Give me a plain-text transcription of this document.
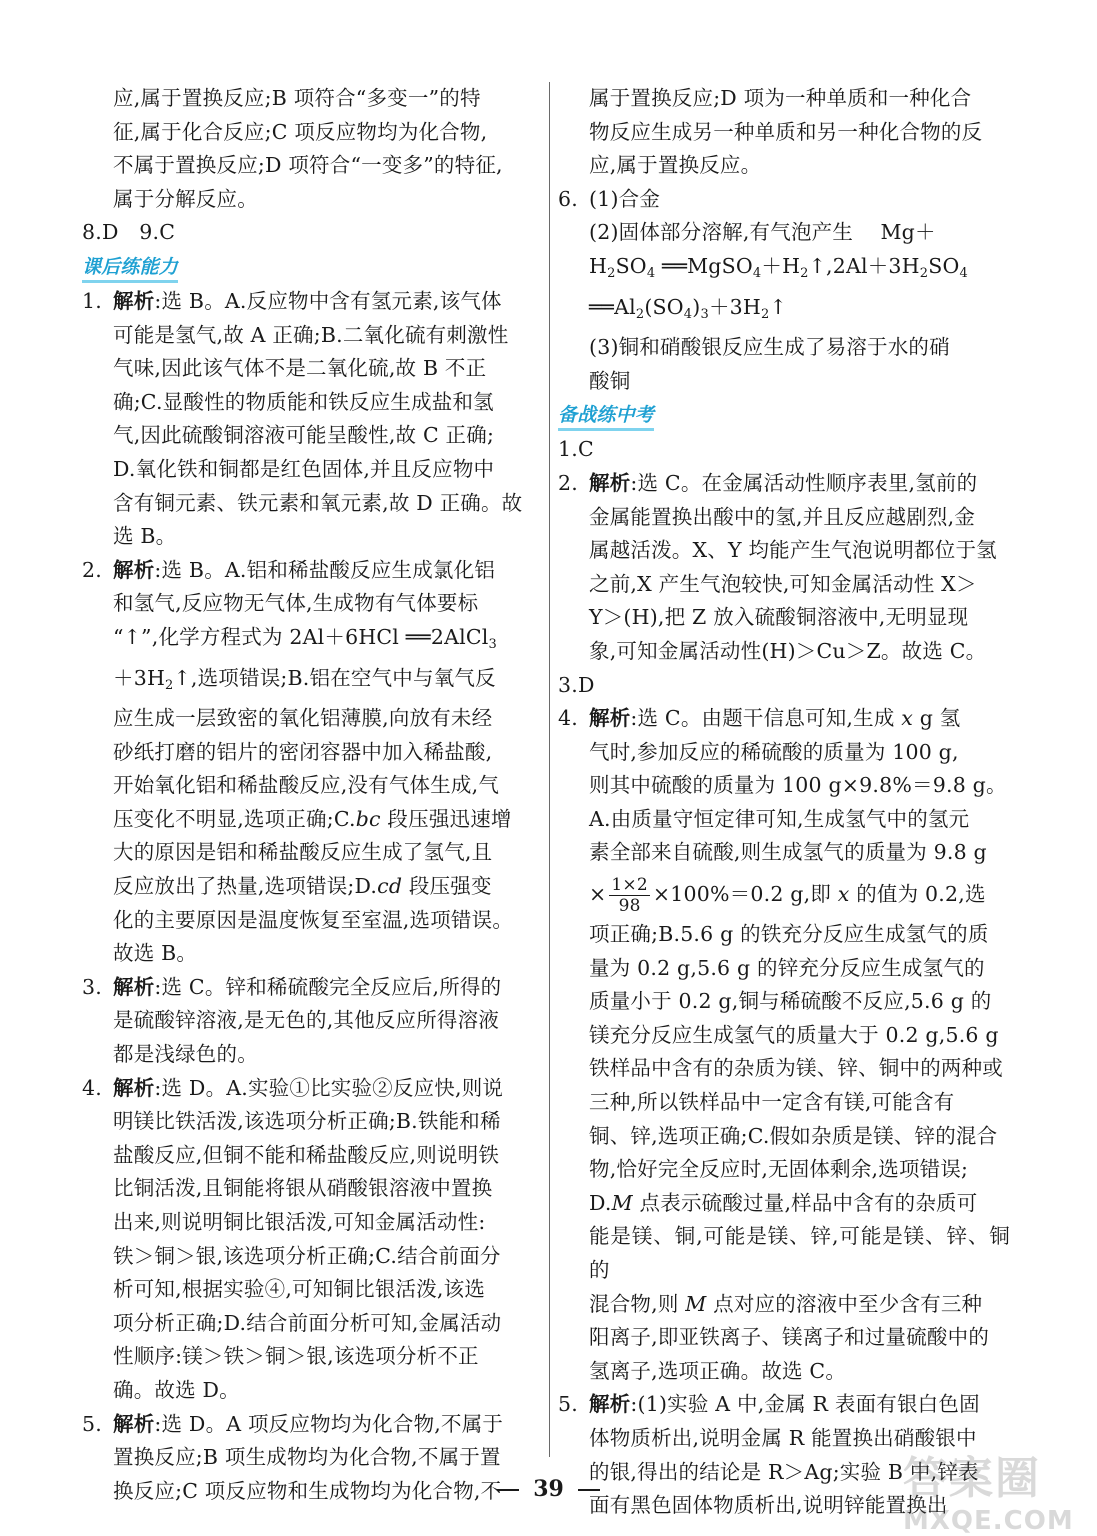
应,属于置换反应;B 项符合“多变一”的特
征,属于化合反应;C 项反应物均为化合物,
不属于置换反应;D 项符合“一变多”的特征,
属于分解反应。
8.D　9.C
课后练能力
1. 解析:选 B。A.反应物中含有氢元素,该气体
可能是氢气,故 A 正确;B.二氧化硫有刺激性
气味,因此该气体不是二氧化硫,故 B 不正
确;C.显酸性的物质能和铁反应生成盐和氢
气,因此硫酸铜溶液可能呈酸性,故 C 正确;
D.氧化铁和铜都是红色固体,并且反应物中
含有铜元素、铁元素和氧元素,故 D 正确。故
选 B。
2. 解析:选 B。A.铝和稀盐酸反应生成氯化铝
和氢气,反应物无气体,生成物有气体要标
“↑”,化学方程式为 2Al＋6HCl ══2AlCl$_3$
$+3H_2↑$,选项错误;B.铝在空气中与氧气反
应生成一层致密的氧化铝薄膜,向放有未经
砂纸打磨的铝片的密闭容器中加入稀盐酸,
开始氧化铝和稀盐酸反应,没有气体生成,气
压变化不明显,选项正确;C.bc 段压强迅速增
大的原因是铝和稀盐酸反应生成了氢气,且
反应放出了热量,选项错误;D.cd 段压强变
化的主要原因是温度恢复至室温,选项错误。
故选 B。
3. 解析:选 C。锌和稀硫酸完全反应后,所得的
是硫酸锌溶液,是无色的,其他反应所得溶液
都是浅绿色的。
4. 解析:选 D。A.实验①比实验②反应快,则说
明镁比铁活泼,该选项分析正确;B.铁能和稀
盐酸反应,但铜不能和稀盐酸反应,则说明铁
比铜活泼,且铜能将银从硝酸银溶液中置换
出来,则说明铜比银活泼,可知金属活动性:
铁＞铜＞银,该选项分析正确;C.结合前面分
析可知,根据实验④,可知铜比银活泼,该选
项分析正确;D.结合前面分析可知,金属活动
性顺序:镁＞铁＞铜＞银,该选项分析不正
确。故选 D。
5. 解析:选 D。A 项反应物均为化合物,不属于
置换反应;B 项生成物均为化合物,不属于置
换反应;C 项反应物和生成物均为化合物,不
属于置换反应;D 项为一种单质和一种化合
物反应生成另一种单质和另一种化合物的反
应,属于置换反应。
6. (1)合金
(2)固体部分溶解,有气泡产生　 Mg＋
$H_2SO_4$ $══MgSO_4+H_2↑,2Al+3H_2SO_4$
$══Al_2(SO_4)_3+3H_2↑$
(3)铜和硝酸银反应生成了易溶于水的硝
酸铜
备战练中考
1.C
2. 解析:选 C。在金属活动性顺序表里,氢前的
金属能置换出酸中的氢,并且反应越剧烈,金
属越活泼。X、Y 均能产生气泡说明都位于氢
之前,X 产生气泡较快,可知金属活动性 X＞
Y＞(H),把 Z 放入硫酸铜溶液中,无明显现
象,可知金属活动性(H)＞Cu＞Z。故选 C。
3.D
4. 解析:选 C。由题干信息可知,生成 x g 氢
气时,参加反应的稀硫酸的质量为 100 g,
则其中硫酸的质量为 100 g×9.8%＝9.8 g。
A.由质量守恒定律可知,生成氢气中的氢元
素全部来自硫酸,则生成氢气的质量为 9.8 g
× $\frac{1\times 2}{98} \times 100\%=0.2$ g,即 x 的值为 0.2,选
项正确;B.5.6 g 的铁充分反应生成氢气的质
量为 0.2 g,5.6 g 的锌充分反应生成氢气的
质量小于 0.2 g,铜与稀硫酸不反应,5.6 g 的
镁充分反应生成氢气的质量大于 0.2 g,5.6 g
铁样品中含有的杂质为镁、锌、铜中的两种或
三种,所以铁样品中一定含有镁,可能含有
铜、锌,选项正确;C.假如杂质是镁、锌的混合
物,恰好完全反应时,无固体剩余,选项错误;
D.M 点表示硫酸过量,样品中含有的杂质可
能是镁、铜,可能是镁、锌,可能是镁、锌、铜的
混合物,则 M 点对应的溶液中至少含有三种
阳离子,即亚铁离子、镁离子和过量硫酸中的
氢离子,选项正确。故选 C。
5. 解析:(1)实验 A 中,金属 R 表面有银白色固
体物质析出,说明金属 R 能置换出硝酸银中
的银,得出的结论是 R＞Ag;实验 B 中,锌表
面有黑色固体物质析出,说明锌能置换出
39	答案圈
MXQE.COM
